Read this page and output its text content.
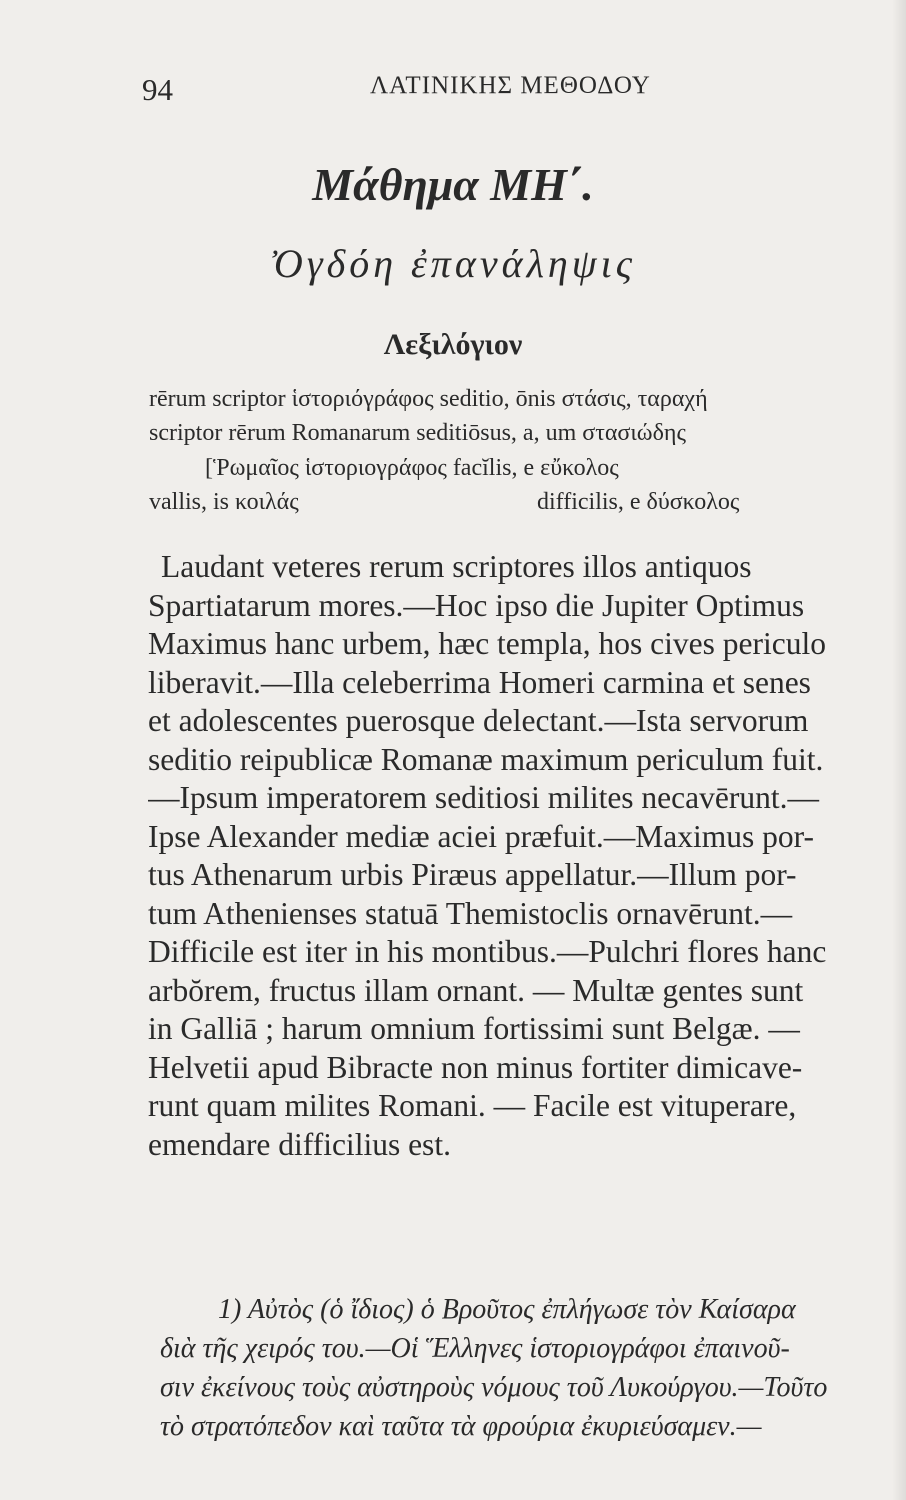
94	ΛΑΤΙΝΙΚΗΣ ΜΕΘΟΔΟΥ
Μάθημα ΜΗ΄.
Ὀγδόη ἐπανάληψις
Λεξιλόγιον
rērum scriptor ἱστοριόγράφος seditio, ōnis στάσις, ταραχή
scriptor rērum Romanarum seditiōsus, a, um στασιώδης
[Ῥωμαῖος ἱστοριογράφος facĭlis, e εὔκολος
vallis, is κοιλάς	difficilis, e δύσκολος
Laudant veteres rerum scriptores illos antiquos
Spartiatarum mores.—Hoc ipso die Jupiter Optimus
Maximus hanc urbem, hæc templa, hos cives periculo
liberavit.—Illa celeberrima Homeri carmina et senes
et adolescentes puerosque delectant.—Ista servorum
seditio reipublicæ Romanæ maximum periculum fuit.
—Ipsum imperatorem seditiosi milites necavērunt.—
Ipse Alexander mediæ aciei præfuit.—Maximus por-
tus Athenarum urbis Piræus appellatur.—Illum por-
tum Athenienses statuā Themistoclis ornavērunt.—
Difficile est iter in his montibus.—Pulchri flores hanc
arbŏrem, fructus illam ornant. — Multæ gentes sunt
in Galliā ; harum omnium fortissimi sunt Belgæ. —
Helvetii apud Bibracte non minus fortiter dimicave-
runt quam milites Romani. — Facile est vituperare,
emendare difficilius est.
1) Αὐτὸς (ὁ ἴδιος) ὁ Βρoῦτος ἐπλήγωσε τὸν Καίσαρα
διὰ τῆς χειρός του.—Οἱ Ἕλληνες ἱστοριογράφοι ἐπαινοῦ-
σιν ἐκείνους τοὺς αὐστηροὺς νόμους τοῦ Λυκούργου.—Τοῦτο
τὸ στρατόπεδον καὶ ταῦτα τὰ φρούρια ἐκυριεύσαμεν.—
